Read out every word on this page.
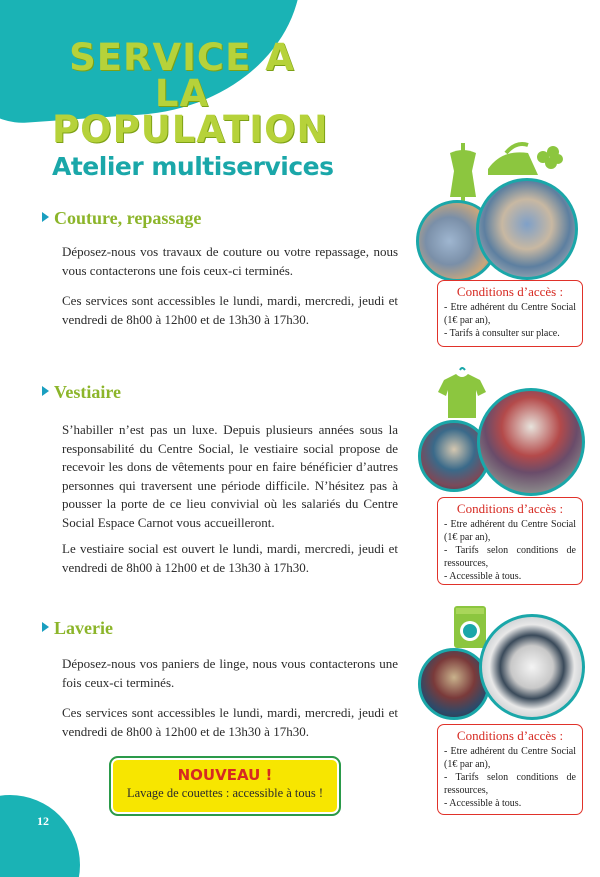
SERVICE A LA
POPULATION
Atelier multiservices
Couture, repassage

Déposez-nous vos travaux de couture ou votre repassage, nous vous contacterons une fois ceux-ci terminés.

Ces services sont accessibles le lundi, mardi, mercredi, jeudi et vendredi de 8h00 à 12h00 et de 13h30 à 17h30.

Conditions d’accès :
- Etre adhérent du Centre Social (1€ par an),
- Tarifs à consulter sur place.
Vestiaire

S’habiller n’est pas un luxe. Depuis plusieurs années sous la responsabilité du Centre Social, le vestiaire social propose de recevoir les dons de vêtements pour en faire bénéficier d’autres personnes qui traversent une période difficile. N’hésitez pas à pousser la porte de ce lieu convivial où les salariés du Centre Social Espace Carnot vous accueilleront.

Le vestiaire social est ouvert le lundi, mardi, mercredi, jeudi et vendredi de 8h00 à 12h00 et de 13h30 à 17h30.

Conditions d’accès :
- Etre adhérent du Centre Social (1€ par an),
- Tarifs selon conditions de ressources,
- Accessible à tous.
Laverie

Déposez-nous vos paniers de linge, nous vous contacterons une fois ceux-ci terminés.

Ces services sont accessibles le lundi, mardi, mercredi, jeudi et vendredi de 8h00 à 12h00 et de 13h30 à 17h30.	Conditions d’accès :
- Etre adhérent du Centre Social (1€ par an),
- Tarifs selon conditions de ressources,
- Accessible à tous.
NOUVEAU !
Lavage de couettes : accessible à tous !
12
